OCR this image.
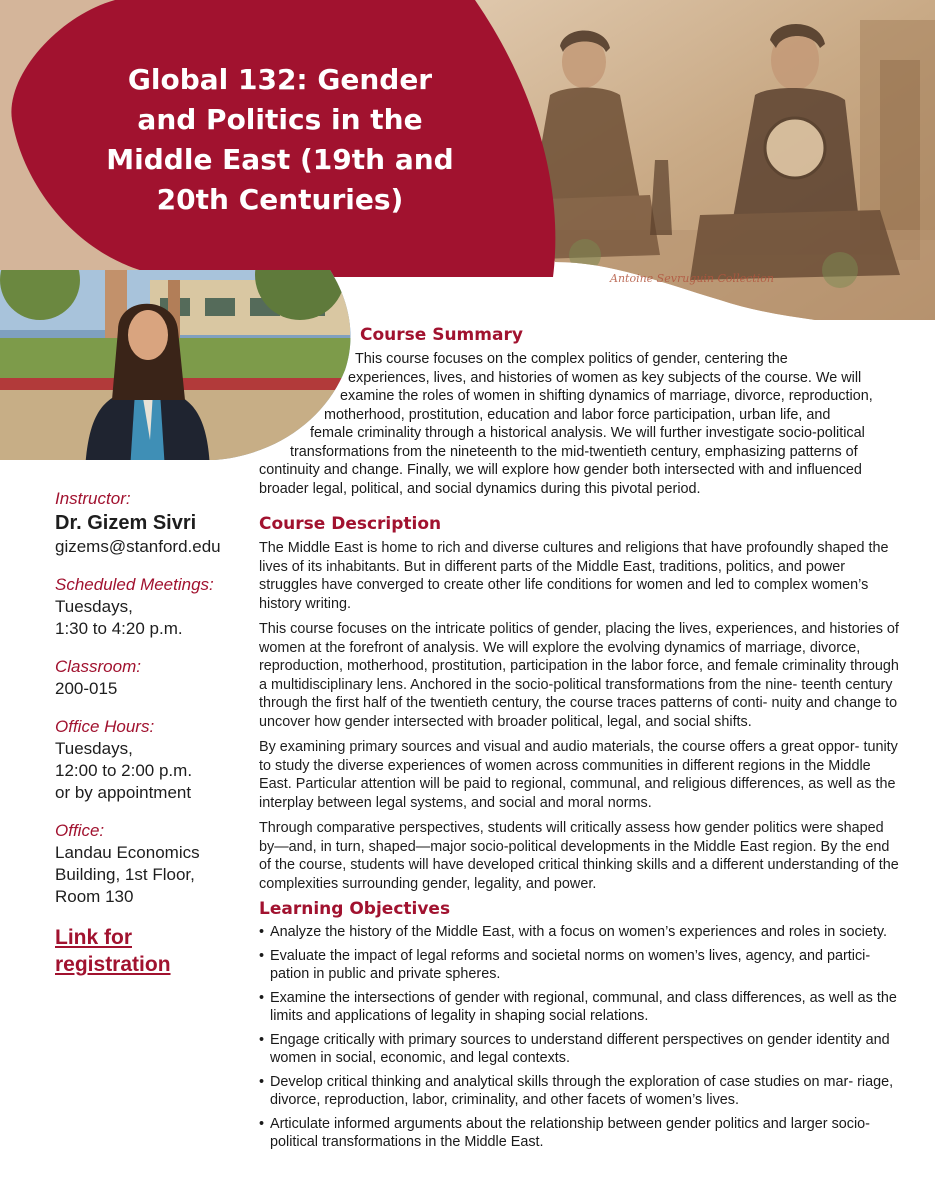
Global 132: Gender
and Politics in the
Middle East (19th and
20th Centuries)
Antoine Sevruguin Collection
Course Summary
This course focuses on the complex politics of gender, centering the
experiences, lives, and histories of women as key subjects of the course. We will
examine the roles of women in shifting dynamics of marriage, divorce, reproduction,
motherhood, prostitution, education and labor force participation, urban life, and
female criminality through a historical analysis. We will further investigate socio-political
transformations from the nineteenth to the mid-twentieth century, emphasizing patterns of
continuity and change. Finally, we will explore how gender both intersected with and influenced
broader legal, political, and social dynamics during this pivotal period.
Course Description

The Middle East is home to rich and diverse cultures and religions that have profoundly shaped the lives of its inhabitants. But in different parts of the Middle East, traditions, politics, and power struggles have converged to create other life conditions for women and led to complex women’s history writing.

This course focuses on the intricate politics of gender, placing the lives, experiences, and histories of women at the forefront of analysis. We will explore the evolving dynamics of marriage, divorce, reproduction, motherhood, prostitution, participation in the labor force, and female criminality through a multidisciplinary lens. Anchored in the socio-political transformations from the nine- teenth century through the first half of the twentieth century, the course traces patterns of conti- nuity and change to uncover how gender intersected with broader political, legal, and social shifts.

By examining primary sources and visual and audio materials, the course offers a great oppor- tunity to study the diverse experiences of women across communities in different regions in the Middle East. Particular attention will be paid to regional, communal, and religious differences, as well as the interplay between legal systems, and social and moral norms.

Through comparative perspectives, students will critically assess how gender politics were shaped by—and, in turn, shaped—major socio-political developments in the Middle East region. By the end of the course, students will have developed critical thinking skills and a different understanding of the complexities surrounding gender, legality, and power.

Learning Objectives
• Analyze the history of the Middle East, with a focus on women’s experiences and roles in society.
• Evaluate the impact of legal reforms and societal norms on women’s lives, agency, and partici- pation in public and private spheres.
• Examine the intersections of gender with regional, communal, and class differences, as well as the limits and applications of legality in shaping social relations.
• Engage critically with primary sources to understand different perspectives on gender identity and women in social, economic, and legal contexts.
• Develop critical thinking and analytical skills through the exploration of case studies on mar- riage, divorce, reproduction, labor, criminality, and other facets of women’s lives.
• Articulate informed arguments about the relationship between gender politics and larger socio-political transformations in the Middle East.
Instructor:
Dr. Gizem Sivri
gizems@stanford.edu
Scheduled Meetings:
Tuesdays,
1:30 to 4:20 p.m.
Classroom:
200-015
Office Hours:
Tuesdays,
12:00 to 2:00 p.m.
or by appointment
Office:
Landau Economics
Building, 1st Floor,
Room 130
Link for
registration
